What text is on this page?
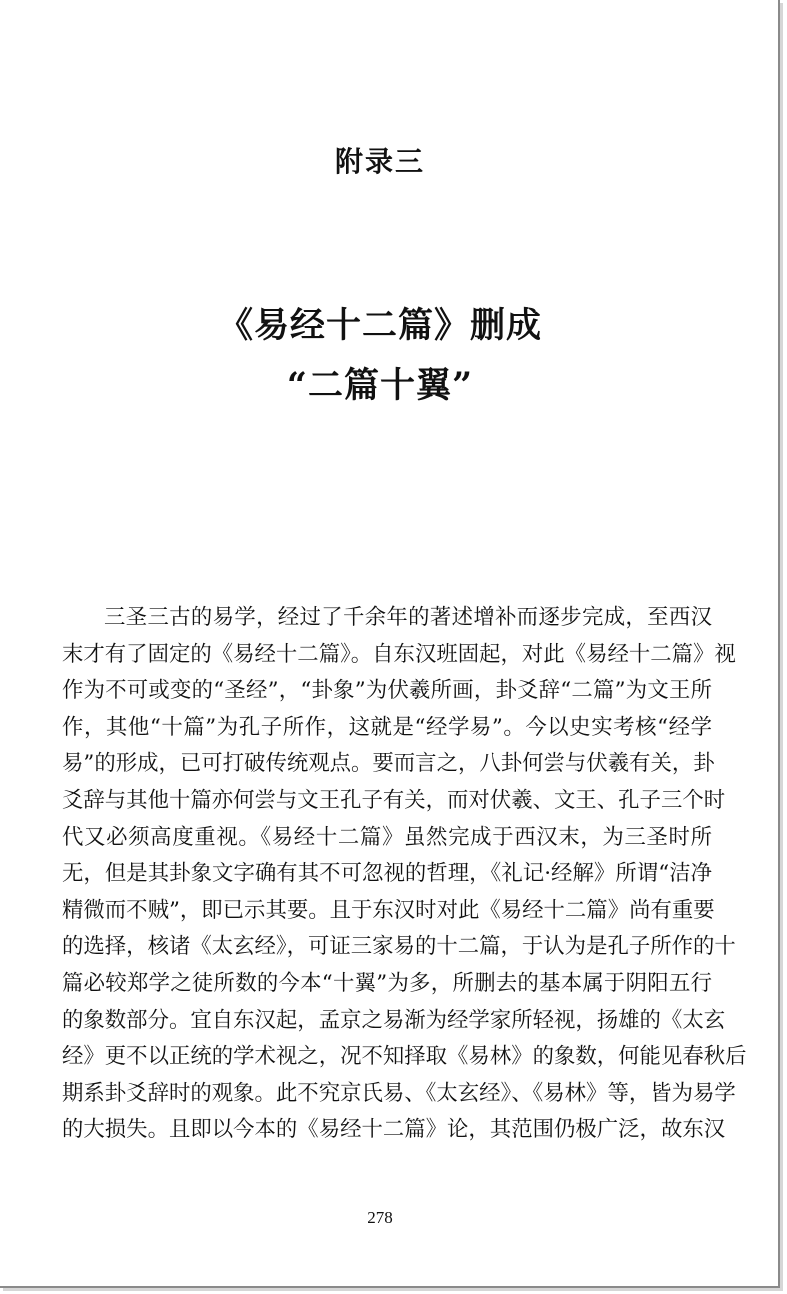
附录三
《易经十二篇》删成
“二篇十翼”
三圣三古的易学，经过了千余年的著述增补而逐步完成，至西汉
末才有了固定的《易经十二篇》。自东汉班固起，对此《易经十二篇》视
作为不可或变的“圣经”，“卦象”为伏羲所画，卦爻辞“二篇”为文王所
作，其他“十篇”为孔子所作，这就是“经学易”。今以史实考核“经学
易”的形成，已可打破传统观点。要而言之，八卦何尝与伏羲有关，卦
爻辞与其他十篇亦何尝与文王孔子有关，而对伏羲、文王、孔子三个时
代又必须高度重视。《易经十二篇》虽然完成于西汉末，为三圣时所
无，但是其卦象文字确有其不可忽视的哲理，《礼记·经解》所谓“洁净
精微而不贼”，即已示其要。且于东汉时对此《易经十二篇》尚有重要
的选择，核诸《太玄经》，可证三家易的十二篇，于认为是孔子所作的十
篇必较郑学之徒所数的今本“十翼”为多，所删去的基本属于阴阳五行
的象数部分。宜自东汉起，孟京之易渐为经学家所轻视，扬雄的《太玄
经》更不以正统的学术视之，况不知择取《易林》的象数，何能见春秋后
期系卦爻辞时的观象。此不究京氏易、《太玄经》、《易林》等，皆为易学
的大损失。且即以今本的《易经十二篇》论，其范围仍极广泛，故东汉
278
